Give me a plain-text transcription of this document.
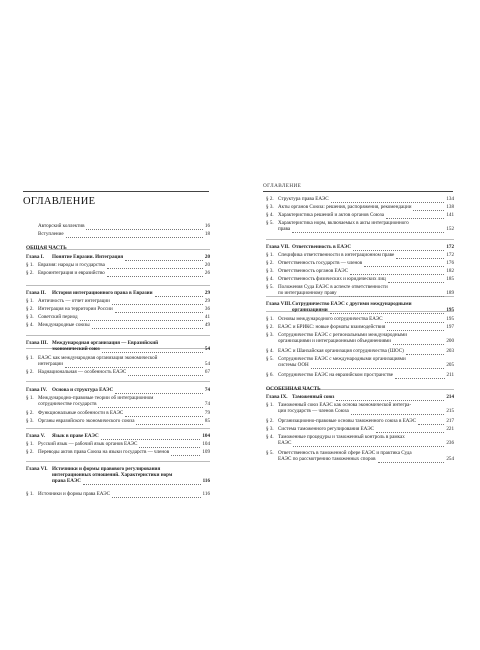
ОГЛАВЛЕНИЕ
ОГЛАВЛЕНИЕ
ОБЩАЯ ЧАСТЬ
Авторский коллектив	16
Вступление	18
Глава I. Понятие Евразии. Интеграция	20
§ 1. Евразия: народы и государства	20
§ 2. Евроинтеграция и евразийство	26
Глава II. История интеграционного права в Евразии	29
§ 1. Античность — отчет интеграции	29
§ 2. Интеграция на территории России	36
§ 3. Советский период	41
§ 4. Международные союзы	49
Глава III. Международная организация — Евразийский
экономический союз	54
§ 1. ЕАЭС как международная организация экономической
интеграции	54
§ 2. Наднациональная — особенность ЕАЭС	67
Глава IV. Основа и структура ЕАЭС	74
§ 1. Международно-правовые теории об интеграционном
сотрудничестве государств	74
§ 2. Функциональные особенности в ЕАЭС	79
§ 3. Органы евразийского экономического союза	85
Глава V. Язык в праве ЕАЭС	104
§ 1. Русский язык — рабочий язык органов ЕАЭС	104
§ 2. Переводы актов права Союза на языки государств — членов	109
Глава VI. Источники и формы правового регулирования
интеграционных отношений. Характеристики норм
права ЕАЭС	116
§ 1. Источники и формы права ЕАЭС	116
ОСОБЕННАЯ ЧАСТЬ
§ 2. Структура права ЕАЭС	134
§ 3. Акты органов Союза: решения, распоряжения, рекомендации	138
§ 4. Характеристика решений и актов органов Союза	141
§ 5. Характеристика норм, включаемых в акты интеграционного
права	152
Глава VII. Ответственность в ЕАЭС	172
§ 1. Специфика ответственности в интеграционном праве	172
§ 2. Ответственность государств — членов	176
§ 3. Ответственность органов ЕАЭС	182
§ 4. Ответственность физических и юридических лиц	185
§ 5. Положения Суда ЕАЭС в аспекте ответственности
по интеграционному праву	189
Глава VIII. Сотрудничество ЕАЭС с другими международными
организациями	195
§ 1. Основы международного сотрудничества ЕАЭС	195
§ 2. ЕАЭС и БРИКС: новые форматы взаимодействия	197
§ 3. Сотрудничество ЕАЭС с региональными международными
организациями и интеграционными объединениями	200
§ 4. ЕАЭС и Шанхайская организация сотрудничества (ШОС)	203
§ 5. Сотрудничество ЕАЭС с международными организациями
системы ООН	205
§ 6. Сотрудничество ЕАЭС на евразийском пространстве	211
Глава IX. Таможенный союз	214
§ 1. Таможенный союз ЕАЭС как основа экономической интегра-
ции государств — членов Союза	215
§ 2. Организационно-правовые основы таможенного союза в ЕАЭС	217
§ 3. Система таможенного регулирования ЕАЭС	221
§ 4. Таможенные процедуры и таможенный контроль в рамках
ЕАЭС	236
§ 5. Ответственность в таможенной сфере ЕАЭС и практика Суда
ЕАЭС по рассмотрению таможенных споров	254
